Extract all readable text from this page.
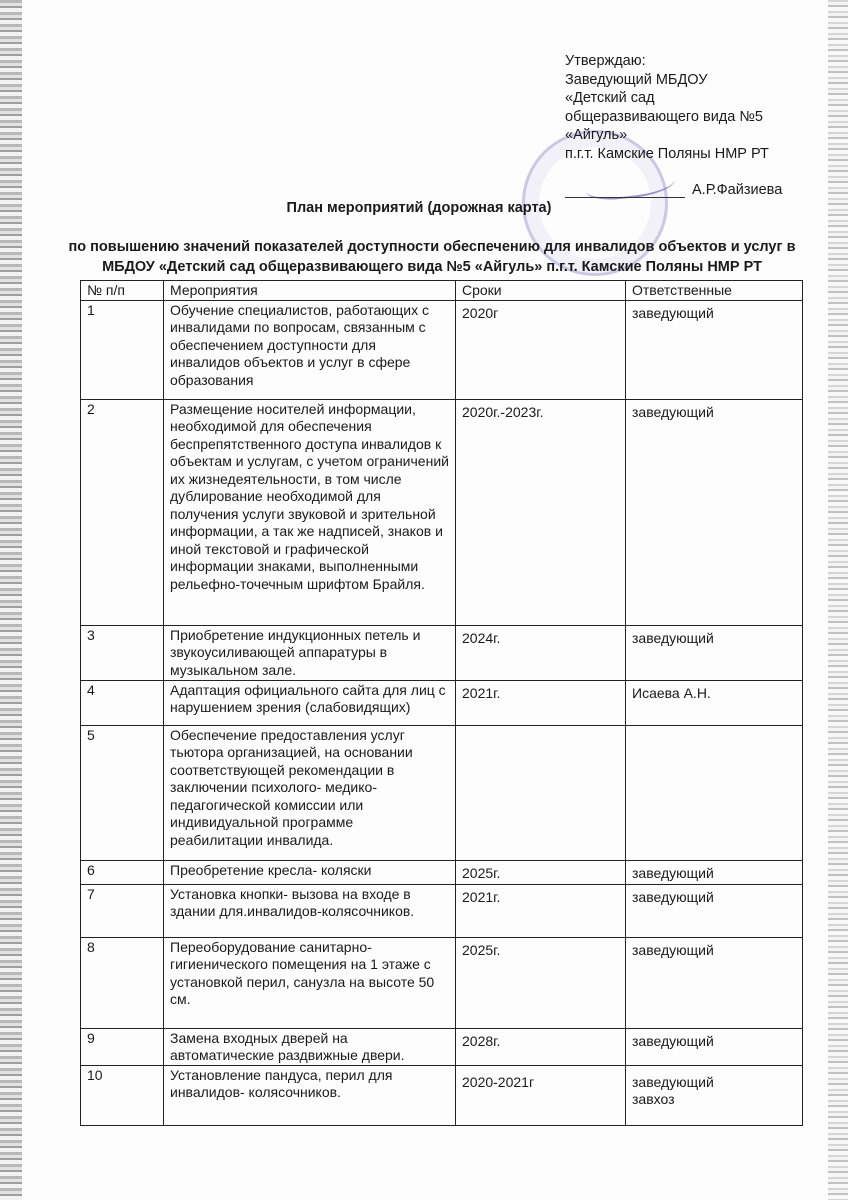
Утверждаю:
Заведующий МБДОУ
«Детский сад
общеразвивающего вида №5
«Айгуль»
п.г.т. Камские Поляны НМР РТ
А.Р.Файзиева
План мероприятий (дорожная карта)
по повышению значений показателей доступности обеспечению для инвалидов объектов и услуг в
МБДОУ «Детский сад общеразвивающего вида №5 «Айгуль» п.г.т. Камские Поляны НМР РТ
№ п/п	Мероприятия	Сроки	Ответственные
1	Обучение специалистов, работающих с инвалидами по вопросам, связанным с обеспечением доступности для инвалидов объектов и услуг в сфере образования	2020г	заведующий
2	Размещение носителей информации, необходимой для обеспечения беспрепятственного доступа инвалидов к объектам и услугам, с учетом ограничений их жизнедеятельности, в том числе дублирование необходимой для получения услуги звуковой и зрительной информации, а так же надписей, знаков и иной текстовой и графической информации знаками, выполненными рельефно-точечным шрифтом Брайля.	2020г.-2023г.	заведующий
3	Приобретение индукционных петель и звукоусиливающей аппаратуры в музыкальном зале.	2024г.	заведующий
4	Адаптация официального сайта для лиц с нарушением зрения (слабовидящих)	2021г.	Исаева А.Н.
5	Обеспечение предоставления услуг тьютора организацией, на основании соответствующей рекомендации в заключении психолого- медико-педагогической комиссии или индивидуальной программе реабилитации инвалида.		
6	Преобретение кресла- коляски	2025г.	заведующий
7	Установка кнопки- вызова на входе в здании для.инвалидов-колясочников.	2021г.	заведующий
8	Переоборудование санитарно-гигиенического помещения на 1 этаже с установкой перил, санузла на высоте 50 см.	2025г.	заведующий
9	Замена входных дверей на автоматические раздвижные двери.	2028г.	заведующий
10	Установление пандуса, перил для инвалидов- колясочников.	2020-2021г	заведующий
завхоз
